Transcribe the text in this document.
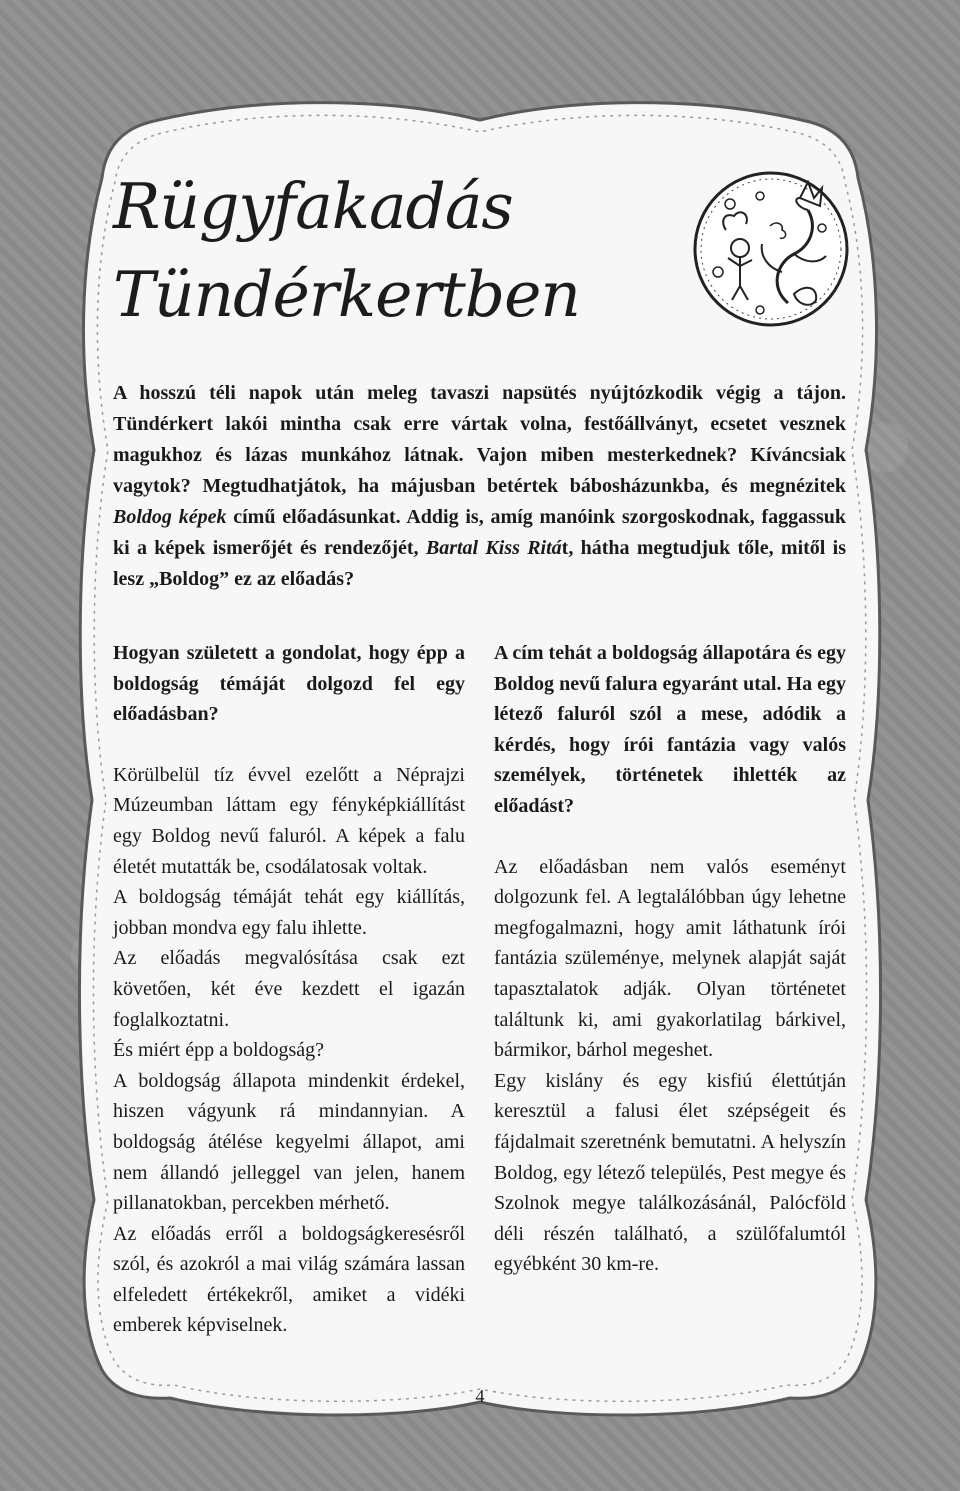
Rügyfakadás
Tündérkertben

A hosszú téli napok után meleg tavaszi napsütés nyújtózkodik végig a tájon. Tündérkert lakói mintha csak erre vártak volna, festőállványt, ecsetet vesznek magukhoz és lázas munkához látnak. Vajon miben mesterkednek? Kíváncsiak vagytok? Megtudhatjátok, ha májusban betértek bábosházunkba, és megnézitek Boldog képek című előadásunkat. Addig is, amíg manóink szorgoskodnak, faggassuk ki a képek ismerőjét és rendezőjét, Bartal Kiss Ritát, hátha megtudjuk tőle, mitől is lesz „Boldog” ez az előadás?

Hogyan született a gondolat, hogy épp a boldogság témáját dolgozd fel egy előadásban?

Körülbelül tíz évvel ezelőtt a Néprajzi Múzeumban láttam egy fényképkiállítást egy Boldog nevű faluról. A képek a falu életét mutatták be, csodálatosak voltak.

A boldogság témáját tehát egy kiállítás, jobban mondva egy falu ihlette.

Az előadás megvalósítása csak ezt követően, két éve kezdett el igazán foglalkoztatni.

És miért épp a boldogság?

A boldogság állapota mindenkit érdekel, hiszen vágyunk rá mindannyian. A boldogság átélése kegyelmi állapot, ami nem állandó jelleggel van jelen, hanem pillanatokban, percekben mérhető.

Az előadás erről a boldogságkeresésről szól, és azokról a mai világ számára lassan elfeledett értékekről, amiket a vidéki emberek képviselnek.

A cím tehát a boldogság állapotára és egy Boldog nevű falura egyaránt utal. Ha egy létező faluról szól a mese, adódik a kérdés, hogy írói fantázia vagy valós személyek, történetek ihlették az előadást?

Az előadásban nem valós eseményt dolgozunk fel. A legtalálóbban úgy lehetne megfogalmazni, hogy amit láthatunk írói fantázia szüleménye, melynek alapját saját tapasztalatok adják. Olyan történetet találtunk ki, ami gyakorlatilag bárkivel, bármikor, bárhol megeshet.

Egy kislány és egy kisfiú élettútján keresztül a falusi élet szépségeit és fájdalmait szeretnénk bemutatni. A helyszín Boldog, egy létező település, Pest megye és Szolnok megye találkozásánál, Palócföld déli részén található, a szülőfalumtól egyébként 30 km-re.

4
